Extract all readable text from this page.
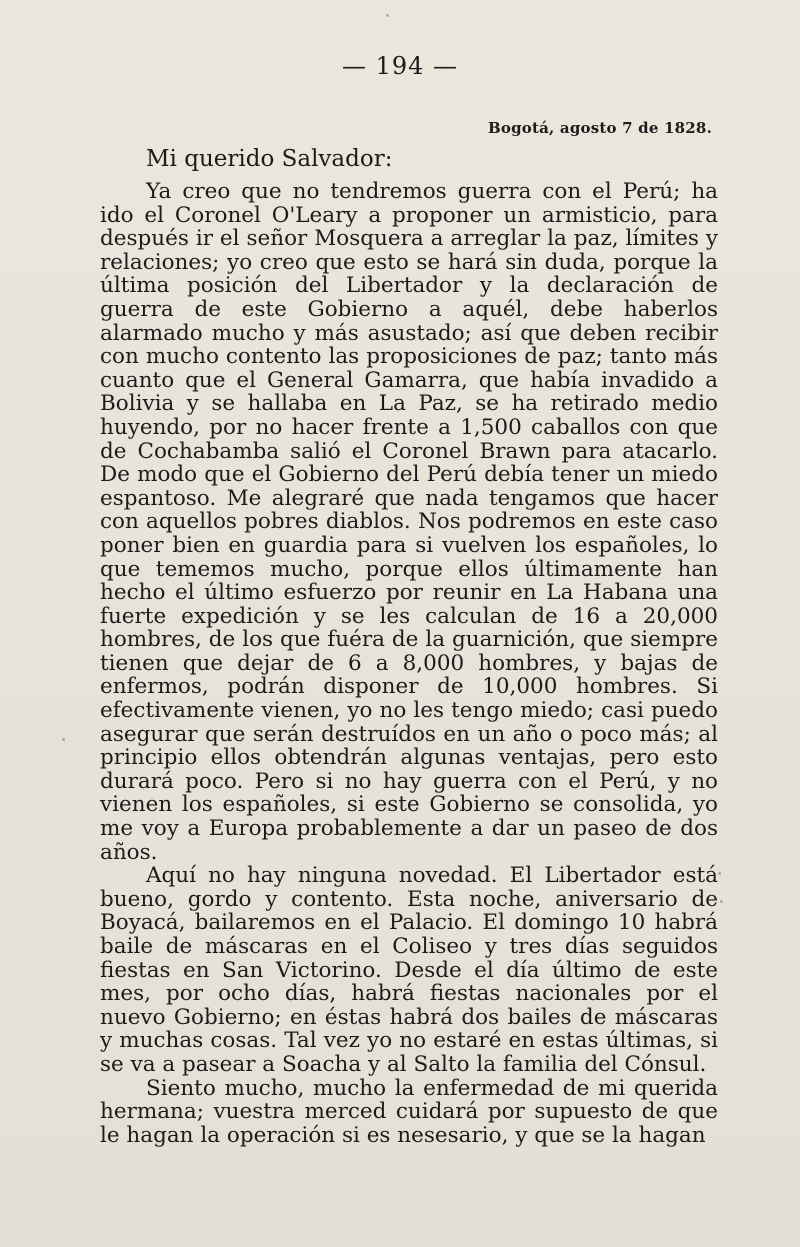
— 194 —
Bogotá, agosto 7 de 1828.
Mi querido Salvador:

Ya creo que no tendremos guerra con el Perú; ha ido el Coronel O'Leary a proponer un armisticio, para después ir el señor Mosquera a arreglar la paz, límites y relaciones; yo creo que esto se hará sin duda, porque la última posición del Libertador y la declaración de guerra de este Gobierno a aquél, debe haberlos alarmado mucho y más asustado; así que deben recibir con mucho contento las proposiciones de paz; tanto más cuanto que el General Gamarra, que había invadido a Bolivia y se hallaba en La Paz, se ha retirado medio huyendo, por no hacer frente a 1,500 caballos con que de Cochabamba salió el Coronel Brawn para atacarlo. De modo que el Gobierno del Perú debía tener un miedo espantoso. Me alegraré que nada tengamos que hacer con aquellos pobres diablos. Nos podremos en este caso poner bien en guardia para si vuelven los españoles, lo que tememos mucho, porque ellos últimamente han hecho el último esfuerzo por reunir en La Habana una fuerte expedición y se les calculan de 16 a 20,000 hombres, de los que fuéra de la guarnición, que siempre tienen que dejar de 6 a 8,000 hombres, y bajas de enfermos, podrán disponer de 10,000 hombres. Si efectivamente vienen, yo no les tengo miedo; casi puedo asegurar que serán destruídos en un año o poco más; al principio ellos obtendrán algunas ventajas, pero esto durará poco. Pero si no hay guerra con el Perú, y no vienen los españoles, si este Gobierno se consolida, yo me voy a Europa probablemente a dar un paseo de dos años.

Aquí no hay ninguna novedad. El Libertador está bueno, gordo y contento. Esta noche, aniversario de Boyacá, bailaremos en el Palacio. El domingo 10 habrá baile de máscaras en el Coliseo y tres días seguidos fiestas en San Victorino. Desde el día último de este mes, por ocho días, habrá fiestas nacionales por el nuevo Gobierno; en éstas habrá dos bailes de máscaras y muchas cosas. Tal vez yo no estaré en estas últimas, si se va a pasear a Soacha y al Salto la familia del Cónsul.

Siento mucho, mucho la enfermedad de mi querida hermana; vuestra merced cuidará por supuesto de que le hagan la operación si es nesesario, y que se la hagan
